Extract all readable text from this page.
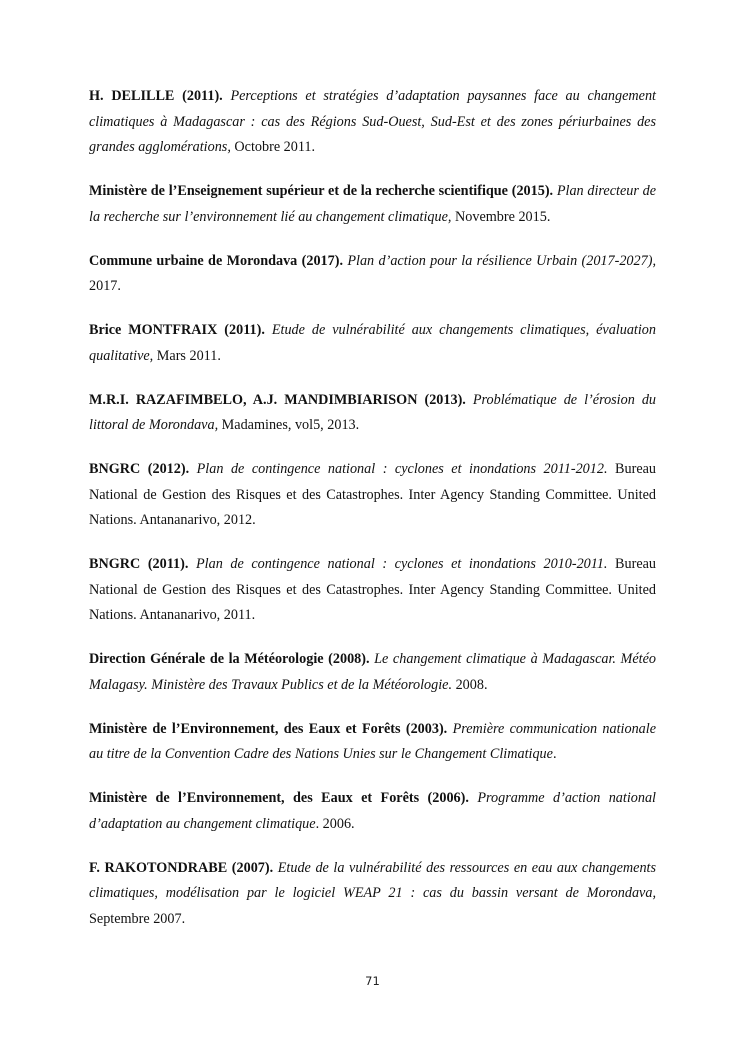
H. DELILLE (2011). Perceptions et stratégies d’adaptation paysannes face au changement climatiques à Madagascar : cas des Régions Sud-Ouest, Sud-Est et des zones périurbaines des grandes agglomérations, Octobre 2011.

Ministère de l’Enseignement supérieur et de la recherche scientifique (2015). Plan directeur de la recherche sur l’environnement lié au changement climatique, Novembre 2015.

Commune urbaine de Morondava (2017). Plan d’action pour la résilience Urbain (2017-2027), 2017.

Brice MONTFRAIX (2011). Etude de vulnérabilité aux changements climatiques, évaluation qualitative, Mars 2011.

M.R.I. RAZAFIMBELO, A.J. MANDIMBIARISON (2013). Problématique de l’érosion du littoral de Morondava, Madamines, vol5, 2013.

BNGRC (2012). Plan de contingence national : cyclones et inondations 2011-2012. Bureau National de Gestion des Risques et des Catastrophes. Inter Agency Standing Committee. United Nations. Antananarivo, 2012.

BNGRC (2011). Plan de contingence national : cyclones et inondations 2010-2011. Bureau National de Gestion des Risques et des Catastrophes. Inter Agency Standing Committee. United Nations. Antananarivo, 2011.

Direction Générale de la Météorologie (2008). Le changement climatique à Madagascar. Météo Malagasy. Ministère des Travaux Publics et de la Météorologie. 2008.

Ministère de l’Environnement, des Eaux et Forêts (2003). Première communication nationale au titre de la Convention Cadre des Nations Unies sur le Changement Climatique.

Ministère de l’Environnement, des Eaux et Forêts (2006). Programme d’action national d’adaptation au changement climatique. 2006.

F. RAKOTONDRABE (2007). Etude de la vulnérabilité des ressources en eau aux changements climatiques, modélisation par le logiciel WEAP 21 : cas du bassin versant de Morondava, Septembre 2007.

71
